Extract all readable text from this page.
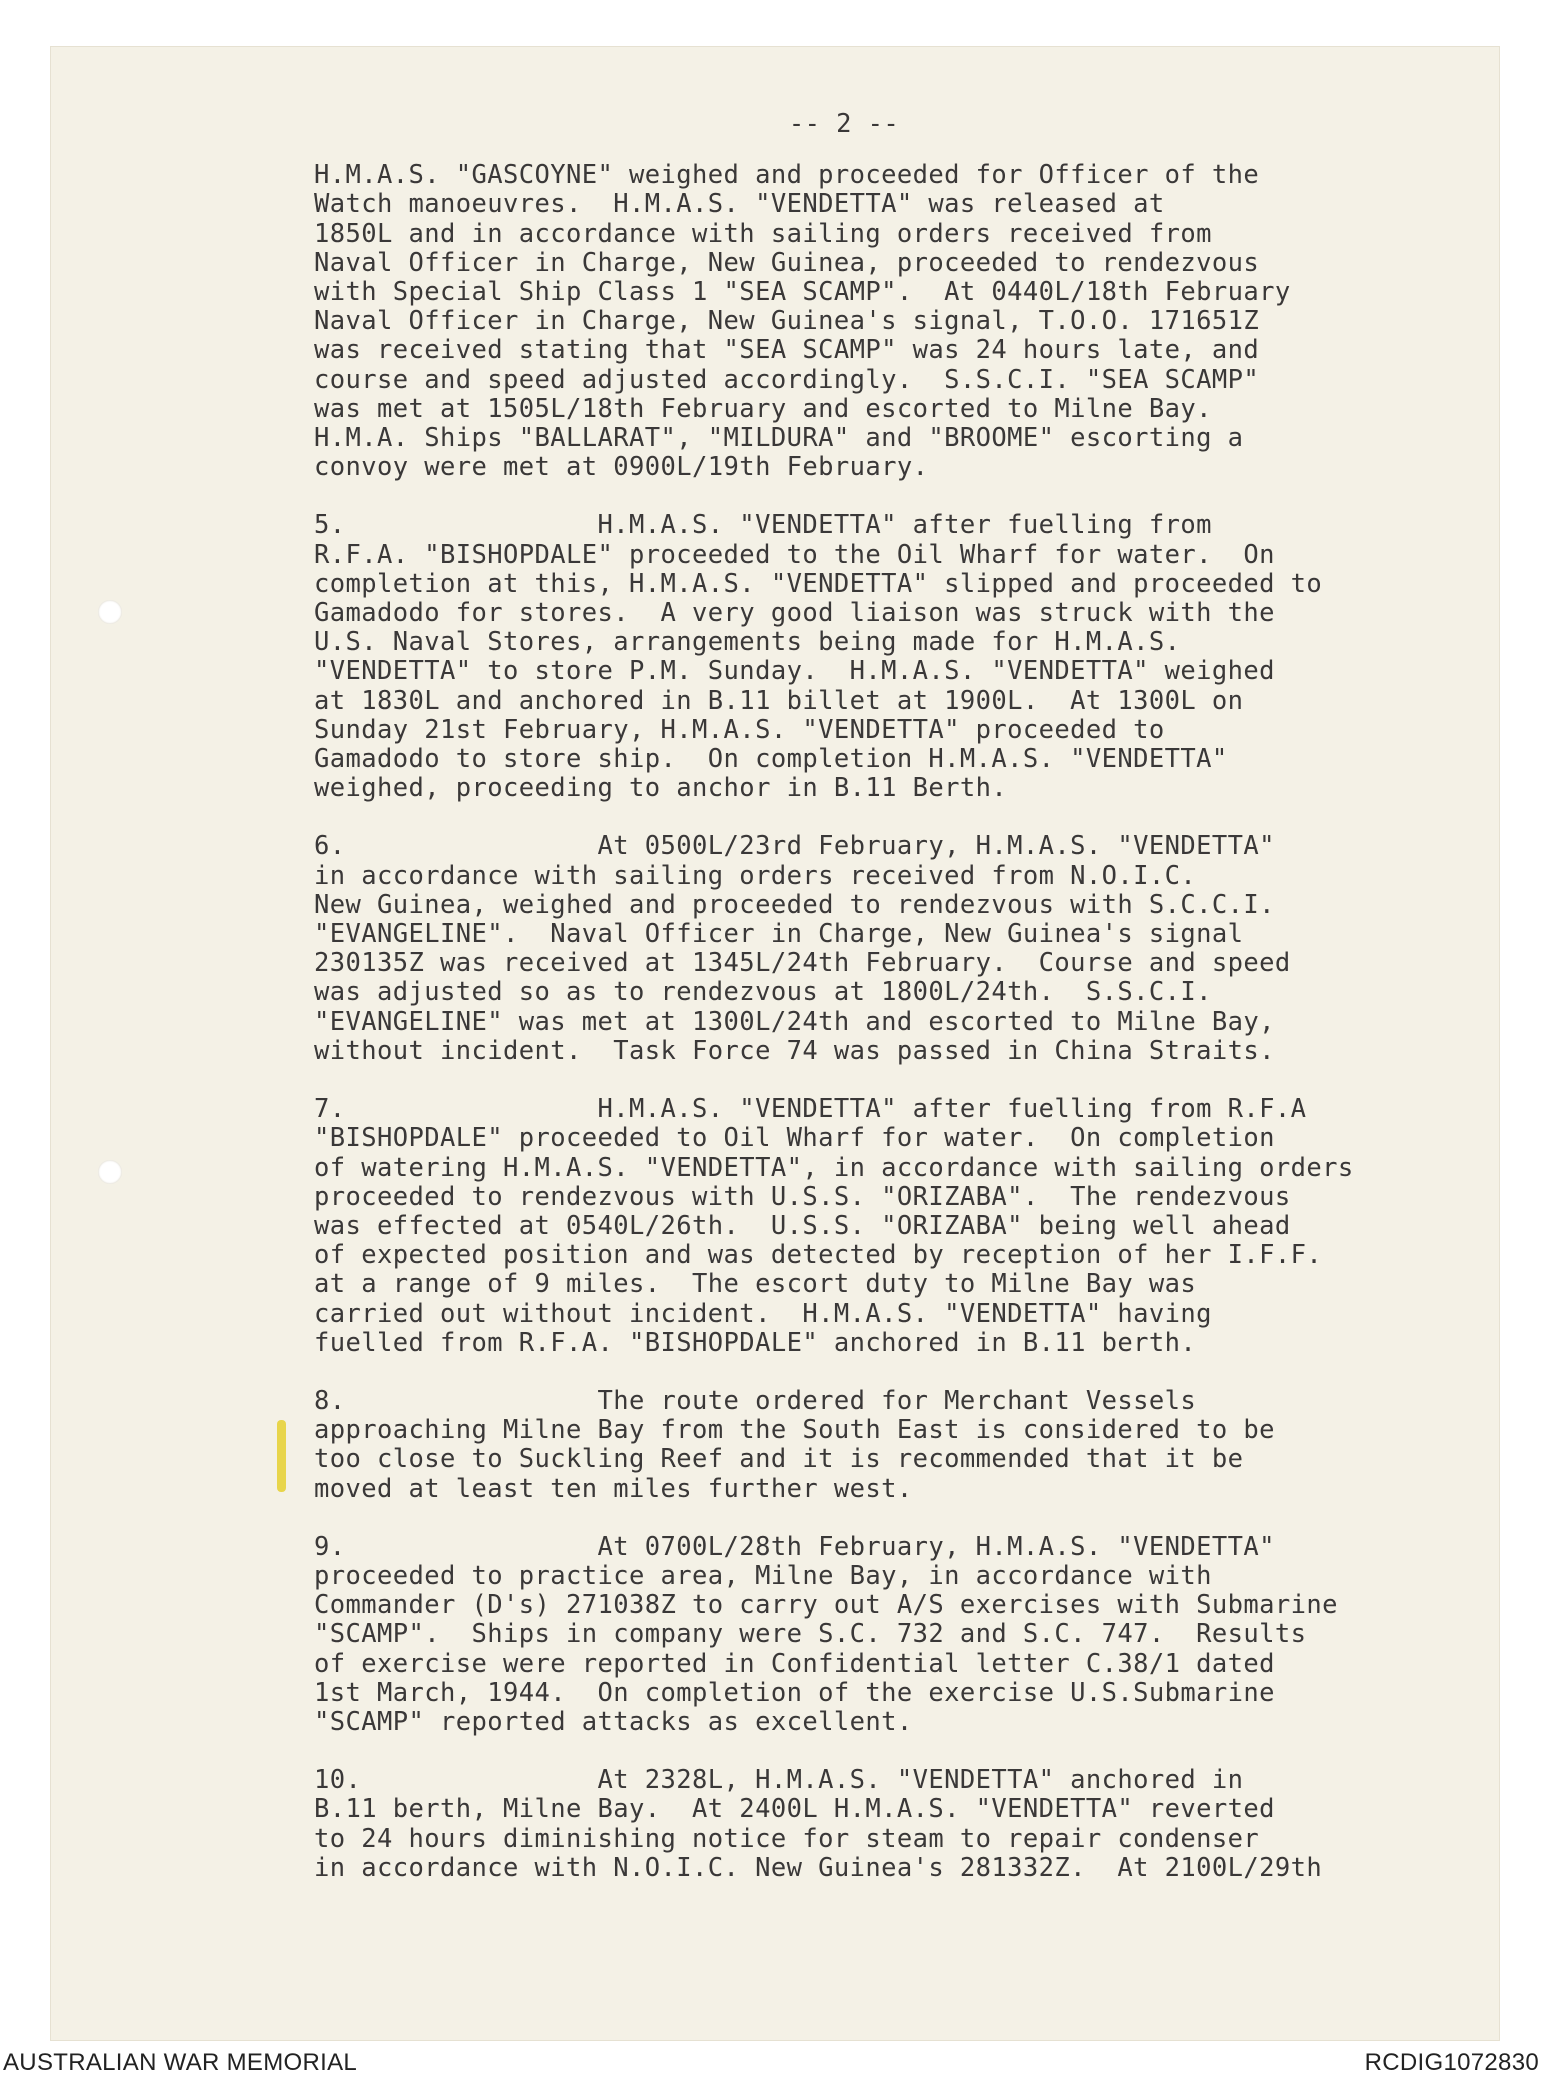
-- 2 --
H.M.A.S. "GASCOYNE" weighed and proceeded for Officer of the
Watch manoeuvres.  H.M.A.S. "VENDETTA" was released at
1850L and in accordance with sailing orders received from
Naval Officer in Charge, New Guinea, proceeded to rendezvous
with Special Ship Class 1 "SEA SCAMP".  At 0440L/18th February
Naval Officer in Charge, New Guinea's signal, T.O.O. 171651Z
was received stating that "SEA SCAMP" was 24 hours late, and
course and speed adjusted accordingly.  S.S.C.I. "SEA SCAMP"
was met at 1505L/18th February and escorted to Milne Bay.
H.M.A. Ships "BALLARAT", "MILDURA" and "BROOME" escorting a
convoy were met at 0900L/19th February.
5.                H.M.A.S. "VENDETTA" after fuelling from
R.F.A. "BISHOPDALE" proceeded to the Oil Wharf for water.  On
completion at this, H.M.A.S. "VENDETTA" slipped and proceeded to
Gamadodo for stores.  A very good liaison was struck with the
U.S. Naval Stores, arrangements being made for H.M.A.S.
"VENDETTA" to store P.M. Sunday.  H.M.A.S. "VENDETTA" weighed
at 1830L and anchored in B.11 billet at 1900L.  At 1300L on
Sunday 21st February, H.M.A.S. "VENDETTA" proceeded to
Gamadodo to store ship.  On completion H.M.A.S. "VENDETTA"
weighed, proceeding to anchor in B.11 Berth.
6.                At 0500L/23rd February, H.M.A.S. "VENDETTA"
in accordance with sailing orders received from N.O.I.C.
New Guinea, weighed and proceeded to rendezvous with S.C.C.I.
"EVANGELINE".  Naval Officer in Charge, New Guinea's signal
230135Z was received at 1345L/24th February.  Course and speed
was adjusted so as to rendezvous at 1800L/24th.  S.S.C.I.
"EVANGELINE" was met at 1300L/24th and escorted to Milne Bay,
without incident.  Task Force 74 was passed in China Straits.
7.                H.M.A.S. "VENDETTA" after fuelling from R.F.A
"BISHOPDALE" proceeded to Oil Wharf for water.  On completion
of watering H.M.A.S. "VENDETTA", in accordance with sailing orders
proceeded to rendezvous with U.S.S. "ORIZABA".  The rendezvous
was effected at 0540L/26th.  U.S.S. "ORIZABA" being well ahead
of expected position and was detected by reception of her I.F.F.
at a range of 9 miles.  The escort duty to Milne Bay was
carried out without incident.  H.M.A.S. "VENDETTA" having
fuelled from R.F.A. "BISHOPDALE" anchored in B.11 berth.
8.                The route ordered for Merchant Vessels
approaching Milne Bay from the South East is considered to be
too close to Suckling Reef and it is recommended that it be
moved at least ten miles further west.
9.                At 0700L/28th February, H.M.A.S. "VENDETTA"
proceeded to practice area, Milne Bay, in accordance with
Commander (D's) 271038Z to carry out A/S exercises with Submarine
"SCAMP".  Ships in company were S.C. 732 and S.C. 747.  Results
of exercise were reported in Confidential letter C.38/1 dated
1st March, 1944.  On completion of the exercise U.S.Submarine
"SCAMP" reported attacks as excellent.
10.               At 2328L, H.M.A.S. "VENDETTA" anchored in
B.11 berth, Milne Bay.  At 2400L H.M.A.S. "VENDETTA" reverted
to 24 hours diminishing notice for steam to repair condenser
in accordance with N.O.I.C. New Guinea's 281332Z.  At 2100L/29th
AUSTRALIAN WAR MEMORIAL	RCDIG1072830
